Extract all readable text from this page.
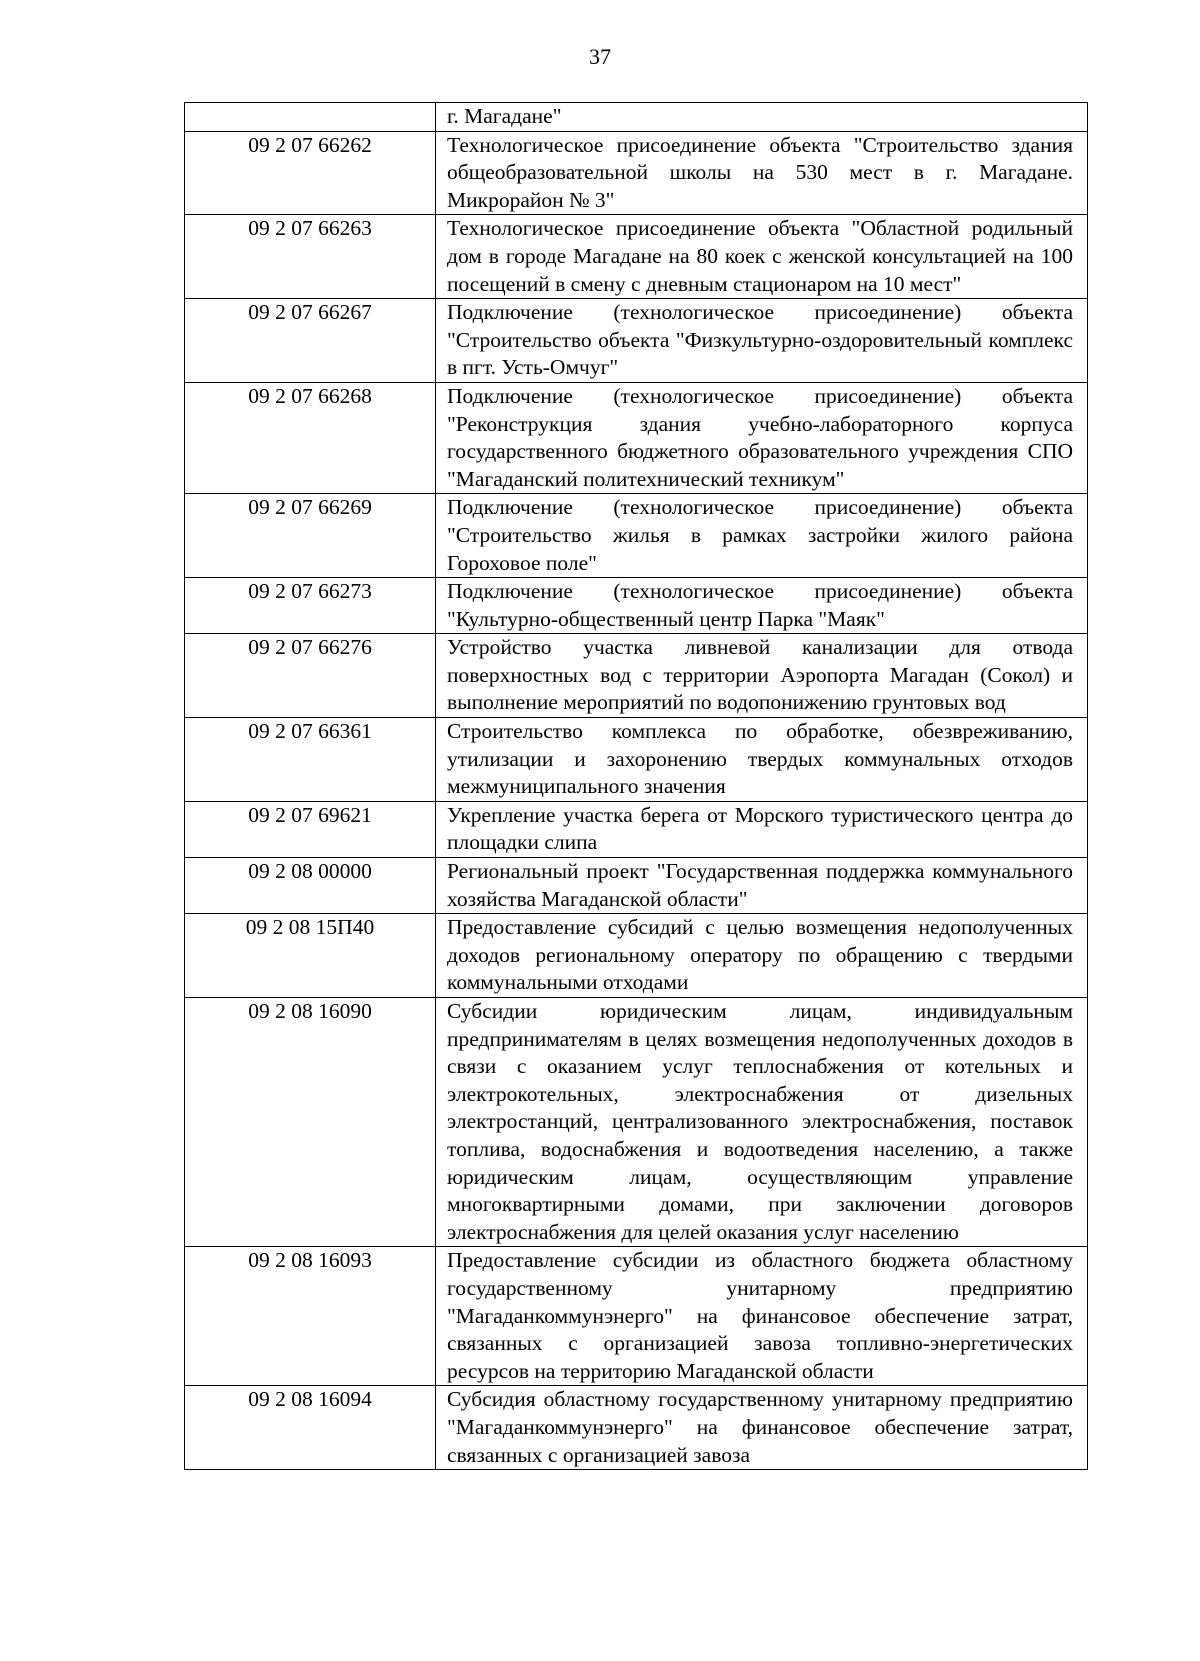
37
	г. Магадане"
09 2 07 66262	Технологическое присоединение объекта "Строительство здания общеобразовательной школы на 530 мест в г. Магадане. Микрорайон № 3"
09 2 07 66263	Технологическое присоединение объекта "Областной родильный дом в городе Магадане на 80 коек с женской консультацией на 100 посещений в смену с дневным стационаром на 10 мест"
09 2 07 66267	Подключение (технологическое присоединение) объекта "Строительство объекта "Физкультурно-оздоровительный комплекс в пгт. Усть-Омчуг"
09 2 07 66268	Подключение (технологическое присоединение) объекта "Реконструкция здания учебно-лабораторного корпуса государственного бюджетного образовательного учреждения СПО "Магаданский политехнический техникум"
09 2 07 66269	Подключение (технологическое присоединение) объекта "Строительство жилья в рамках застройки жилого района Гороховое поле"
09 2 07 66273	Подключение (технологическое присоединение) объекта "Культурно-общественный центр Парка "Маяк"
09 2 07 66276	Устройство участка ливневой канализации для отвода поверхностных вод с территории Аэропорта Магадан (Сокол) и выполнение мероприятий по водопонижению грунтовых вод
09 2 07 66361	Строительство комплекса по обработке, обезвреживанию, утилизации и захоронению твердых коммунальных отходов межмуниципального значения
09 2 07 69621	Укрепление участка берега от Морского туристического центра до площадки слипа
09 2 08 00000	Региональный проект "Государственная поддержка коммунального хозяйства Магаданской области"
09 2 08 15П40	Предоставление субсидий с целью возмещения недополученных доходов региональному оператору по обращению с твердыми коммунальными отходами
09 2 08 16090	Субсидии юридическим лицам, индивидуальным предпринимателям в целях возмещения недополученных доходов в связи с оказанием услуг теплоснабжения от котельных и электрокотельных, электроснабжения от дизельных электростанций, централизованного электроснабжения, поставок топлива, водоснабжения и водоотведения населению, а также юридическим лицам, осуществляющим управление многоквартирными домами, при заключении договоров электроснабжения для целей оказания услуг населению
09 2 08 16093	Предоставление субсидии из областного бюджета областному государственному унитарному предприятию "Магаданкоммунэнерго" на финансовое обеспечение затрат, связанных с организацией завоза топливно-энергетических ресурсов на территорию Магаданской области
09 2 08 16094	Субсидия областному государственному унитарному предприятию "Магаданкоммунэнерго" на финансовое обеспечение затрат, связанных с организацией завоза
